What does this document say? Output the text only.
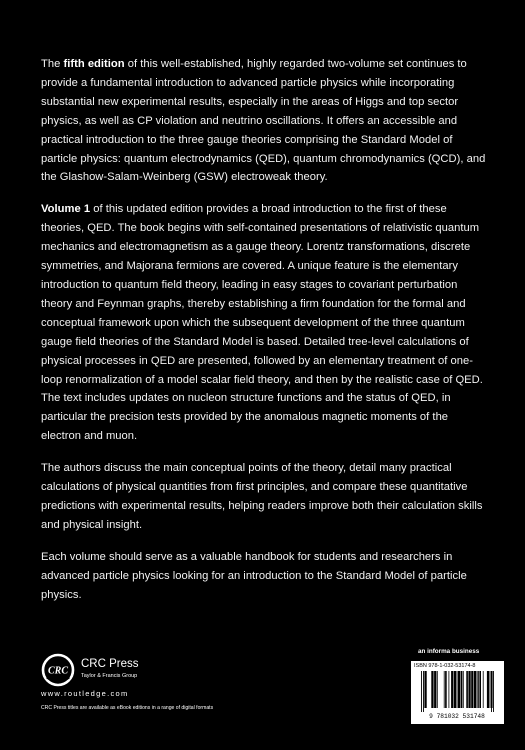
The fifth edition of this well-established, highly regarded two-volume set continues to provide a fundamental introduction to advanced particle physics while incorporating substantial new experimental results, especially in the areas of Higgs and top sector physics, as well as CP violation and neutrino oscillations. It offers an accessible and practical introduction to the three gauge theories comprising the Standard Model of particle physics: quantum electrodynamics (QED), quantum chromodynamics (QCD), and the Glashow-Salam-Weinberg (GSW) electroweak theory.

Volume 1 of this updated edition provides a broad introduction to the first of these theories, QED. The book begins with self-contained presentations of relativistic quantum mechanics and electromagnetism as a gauge theory. Lorentz transformations, discrete symmetries, and Majorana fermions are covered. A unique feature is the elementary introduction to quantum field theory, leading in easy stages to covariant perturbation theory and Feynman graphs, thereby establishing a firm foundation for the formal and conceptual framework upon which the subsequent development of the three quantum gauge field theories of the Standard Model is based. Detailed tree-level calculations of physical processes in QED are presented, followed by an elementary treatment of one-loop renormalization of a model scalar field theory, and then by the realistic case of QED. The text includes updates on nucleon structure functions and the status of QED, in particular the precision tests provided by the anomalous magnetic moments of the electron and muon.

The authors discuss the main conceptual points of the theory, detail many practical calculations of physical quantities from first principles, and compare these quantitative predictions with experimental results, helping readers improve both their calculation skills and physical insight.

Each volume should serve as a valuable handbook for students and researchers in advanced particle physics looking for an introduction to the Standard Model of particle physics.

an informa business
ISBN 978-1-032-53174-8
9 781032 531748
CRC
CRC Press
Taylor & Francis Group
www.routledge.com
CRC Press titles are available as eBook editions in a range of digital formats
